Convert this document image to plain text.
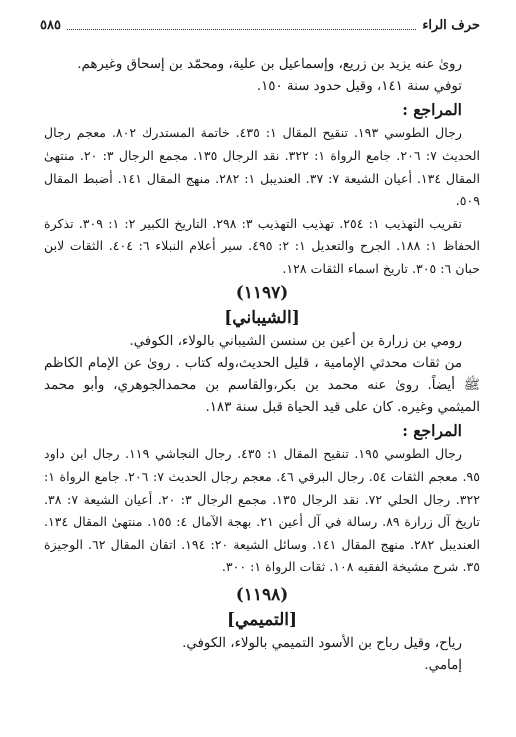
حرف الراء
٥٨٥

روىٰ عنه يزيد بن زريع، وإسماعيل بن علية، ومحمّد بن إسحاق وغيرهم.

توفي سنة ١٤١، وقيل حدود سنة ١٥٠.

المراجع :

رجال الطوسي ١٩٣. تنقيح المقال ١: ٤٣٥. خاتمة المستدرك ٨٠٢. معجم رجال الحديث ٧: ٢٠٦. جامع الرواة ١: ٣٢٢. نقد الرجال ١٣٥. مجمع الرجال ٣: ٢٠. منتهىٰ المقال ١٣٤. أعيان الشيعة ٧: ٣٧. العنديبل ١: ٢٨٢. منهج المقال ١٤١. أضبط المقال ٥٠٩.

تقريب التهذيب ١: ٢٥٤. تهذيب التهذيب ٣: ٢٩٨. التاريخ الكبير ٢: ١: ٣٠٩. تذكرة الحفاظ ١: ١٨٨. الجرح والتعديل ١: ٢: ٤٩٥. سير أعلام النبلاء ٦: ٤٠٤. الثقات لابن حبان ٦: ٣٠٥. تاريخ اسماء الثقات ١٢٨.

(١١٩٧)
[الشيباني]

رومي بن زرارة بن أعين بن سنسن الشيباني بالولاء، الكوفي.

من ثقات محدثي الإمامية ، قليل الحديث،وله كتاب . روىٰ عن الإمام الكاظم ﷺ أيضاً. روىٰ عنه محمد بن بكر،والقاسم بن محمدالجوهري، وأبو محمد الميثمي وغيره. كان على قيد الحياة قبل سنة ١٨٣.

المراجع :

رجال الطوسي ١٩٥. تنقيح المقال ١: ٤٣٥. رجال النجاشي ١١٩. رجال ابن داود ٩٥. معجم الثقات ٥٤. رجال البرقي ٤٦. معجم رجال الحديث ٧: ٢٠٦. جامع الرواة ١: ٣٢٢. رجال الحلي ٧٢. نقد الرجال ١٣٥. مجمع الرجال ٣: ٢٠. أعيان الشيعة ٧: ٣٨. تاريخ آل زرارة ٨٩. رسالة في آل أعين ٢١. بهجة الآمال ٤: ١٥٥. منتهىٰ المقال ١٣٤. العنديبل ٢٨٢. منهج المقال ١٤١. وسائل الشيعة ٢٠: ١٩٤. اتقان المقال ٦٢. الوجيزة ٣٥. شرح مشيخة الفقيه ١٠٨. ثقات الرواة ١: ٣٠٠.

(١١٩٨)
[التميمي]

رياح، وقيل رباح بن الأسود التميمي بالولاء، الكوفي.

إمامي.
